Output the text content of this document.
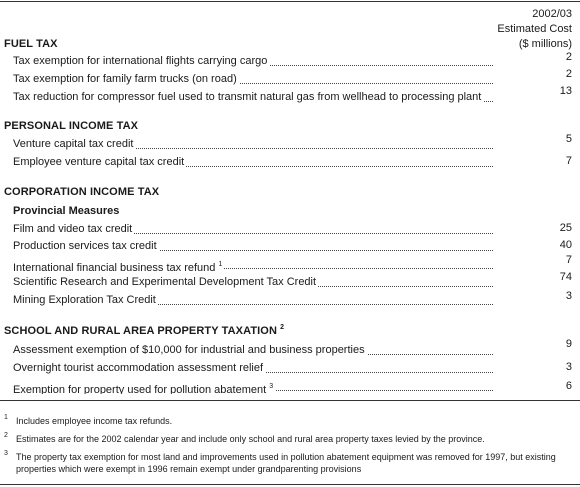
2002/03
Estimated Cost
($ millions)
FUEL TAX
Tax exemption for international flights carrying cargo	2
Tax exemption for family farm trucks (on road)	2
Tax reduction for compressor fuel used to transmit natural gas from wellhead to processing plant	13
PERSONAL INCOME TAX
Venture capital tax credit	5
Employee venture capital tax credit	7
CORPORATION INCOME TAX
Provincial Measures
Film and video tax credit	25
Production services tax credit	40
International financial business tax refund $^1$	7
Scientific Research and Experimental Development Tax Credit	74
Mining Exploration Tax Credit	3
SCHOOL AND RURAL AREA PROPERTY TAXATION $^2$
Assessment exemption of $10,000 for industrial and business properties	9
Overnight tourist accommodation assessment relief	3
Exemption for property used for pollution abatement $^3$	6
1 Includes employee income tax refunds.
2 Estimates are for the 2002 calendar year and include only school and rural area property taxes levied by the province.
3 The property tax exemption for most land and improvements used in pollution abatement equipment was removed for 1997, but existing properties which were exempt in 1996 remain exempt under grandparenting provisions
